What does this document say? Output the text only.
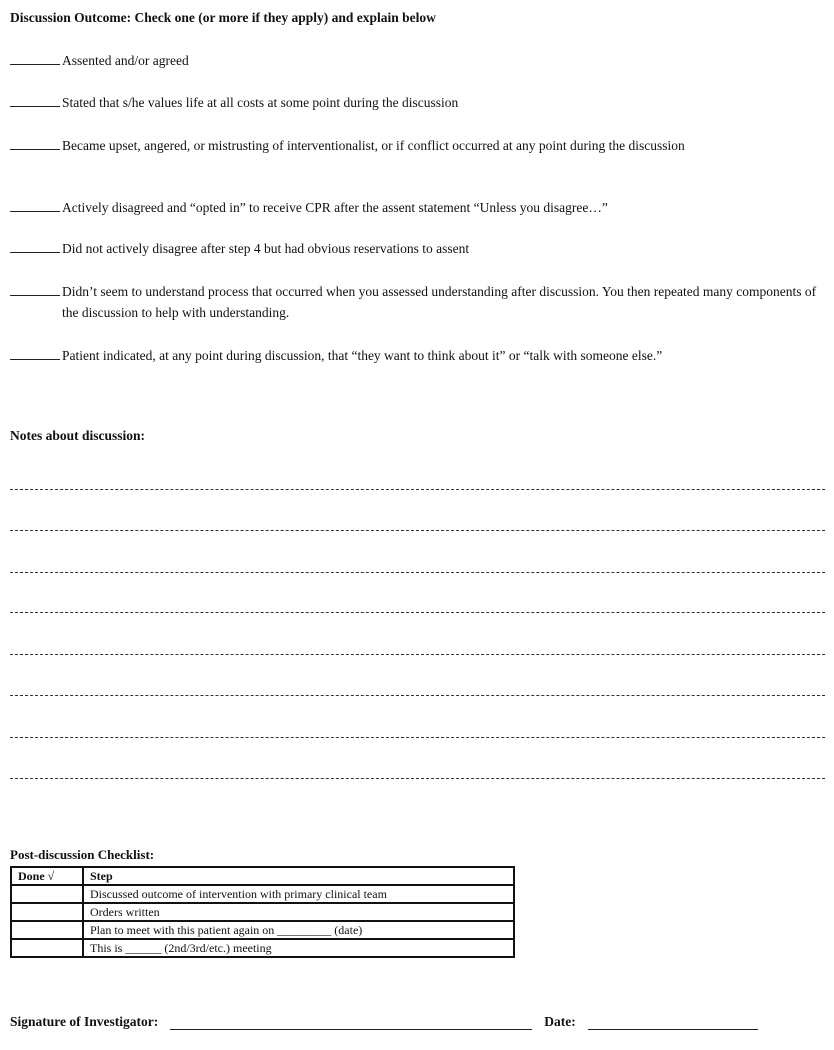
Discussion Outcome: Check one (or more if they apply) and explain below
Assented and/or agreed
Stated that s/he values life at all costs at some point during the discussion
Became upset, angered, or mistrusting of interventionalist, or if conflict occurred at any point during the discussion
Actively disagreed and “opted in” to receive CPR after the assent statement “Unless you disagree…”
Did not actively disagree after step 4 but had obvious reservations to assent
Didn’t seem to understand process that occurred when you assessed understanding after discussion. You then repeated many components of the discussion to help with understanding.
Patient indicated, at any point during discussion, that “they want to think about it” or “talk with someone else.”
Notes about discussion:
Post-discussion Checklist:
Done √	Step
	Discussed outcome of intervention with primary clinical team
	Orders written
	Plan to meet with this patient again on _________ (date)
	This is ______ (2nd/3rd/etc.) meeting
Signature of Investigator:	Date:
